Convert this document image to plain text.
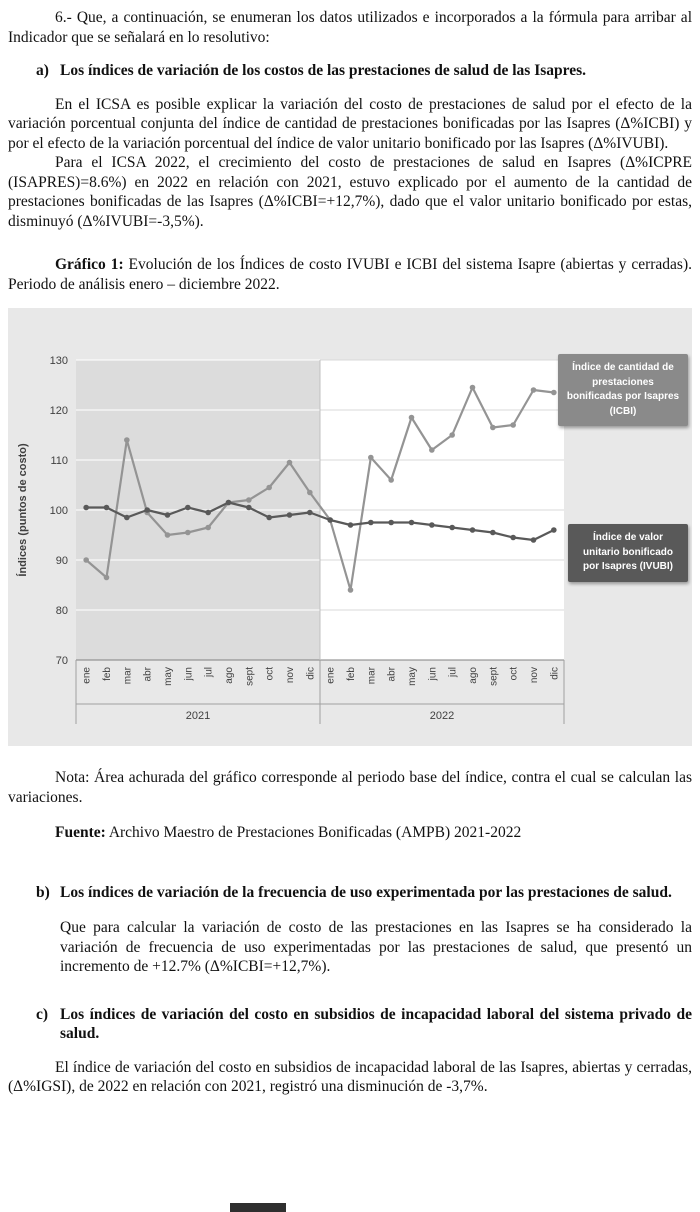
6.- Que, a continuación, se enumeran los datos utilizados e incorporados a la fórmula para arribar al Indicador que se señalará en lo resolutivo:

a) Los índices de variación de los costos de las prestaciones de salud de las Isapres.

En el ICSA es posible explicar la variación del costo de prestaciones de salud por el efecto de la variación porcentual conjunta del índice de cantidad de prestaciones bonificadas por las Isapres (Δ%ICBI) y por el efecto de la variación porcentual del índice de valor unitario bonificado por las Isapres (Δ%IVUBI).

Para el ICSA 2022, el crecimiento del costo de prestaciones de salud en Isapres (Δ%ICPRE (ISAPRES)=8.6%) en 2022 en relación con 2021, estuvo explicado por el aumento de la cantidad de prestaciones bonificadas de las Isapres (Δ%ICBI=+12,7%), dado que el valor unitario bonificado por estas, disminuyó (Δ%IVUBI=-3,5%).

Gráfico 1: Evolución de los Índices de costo IVUBI e ICBI del sistema Isapre (abiertas y cerradas). Periodo de análisis enero – diciembre 2022.

70
80
90
100
110
120
130
ene feb mar abr may jun jul ago sept oct nov dic ene feb mar abr may jun jul ago sept oct nov dic
2021	2022
Índices (puntos de costo)
Índice de cantidad de prestaciones bonificadas por Isapres (ICBI)
Índice de valor unitario bonificado por Isapres (IVUBI)

Nota: Área achurada del gráfico corresponde al periodo base del índice, contra el cual se calculan las variaciones.

Fuente: Archivo Maestro de Prestaciones Bonificadas (AMPB) 2021-2022

b) Los índices de variación de la frecuencia de uso experimentada por las prestaciones de salud.

Que para calcular la variación de costo de las prestaciones en las Isapres se ha considerado la variación de frecuencia de uso experimentadas por las prestaciones de salud, que presentó un incremento de +12.7% (Δ%ICBI=+12,7%).

c) Los índices de variación del costo en subsidios de incapacidad laboral del sistema privado de salud.

El índice de variación del costo en subsidios de incapacidad laboral de las Isapres, abiertas y cerradas, (Δ%IGSI), de 2022 en relación con 2021, registró una disminución de -3,7%.
